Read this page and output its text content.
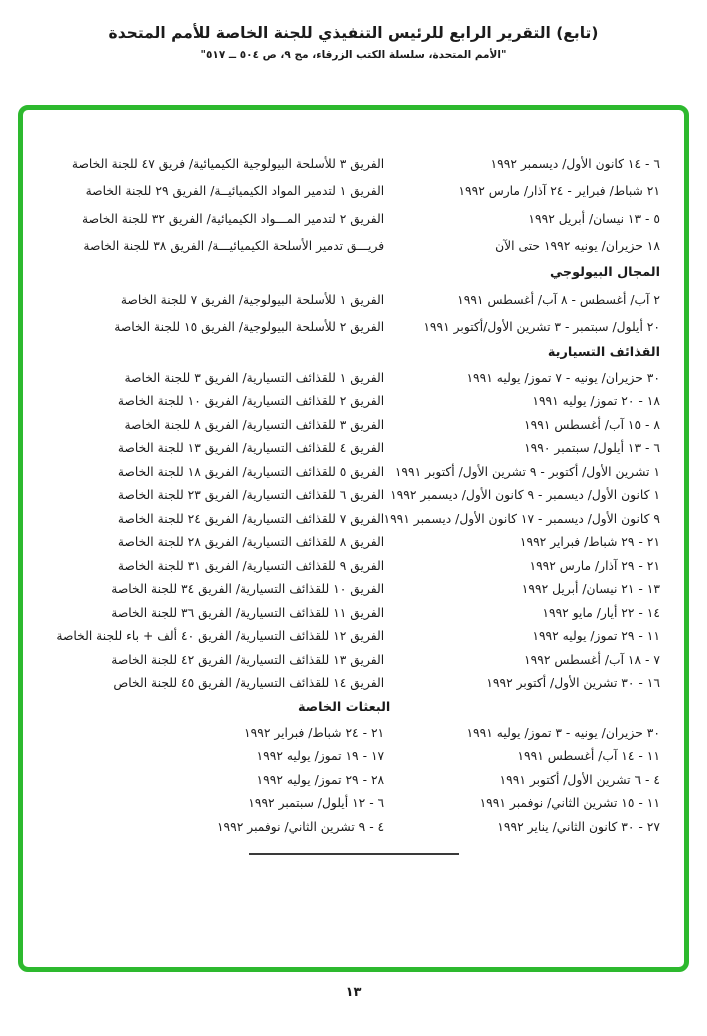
(تابع) التقرير الرابع للرئيس التنفيذي للجنة الخاصة للأمم المتحدة
"الأمم المتحدة، سلسلة الكتب الزرقاء، مج ٩، ص ٥٠٤ ــ ٥١٧"
٦ - ١٤ كانون الأول/ ديسمبر ١٩٩٢
الفريق ٣ للأسلحة البيولوجية الكيميائية/ فريق ٤٧ للجنة الخاصة
٢١ شباط/ فبراير - ٢٤ آذار/ مارس ١٩٩٢
الفريق ١ لتدمير المواد الكيميائيــة/ الفريق ٢٩ للجنة الخاصة
٥ - ١٣ نيسان/ أبريل ١٩٩٢
الفريق ٢ لتدمير المـــواد الكيميائية/ الفريق ٣٢ للجنة الخاصة
١٨ حزيران/ يونيه ١٩٩٢ حتى الآن
فريـــق تدمير الأسلحة الكيميائيـــة/ الفريق ٣٨ للجنة الخاصة
المجال البيولوجي
٢ آب/ أغسطس - ٨ آب/ أغسطس ١٩٩١
الفريق ١ للأسلحة البيولوجية/ الفريق ٧ للجنة الخاصة
٢٠ أيلول/ سبتمبر - ٣ تشرين الأول/أكتوبر ١٩٩١
الفريق ٢ للأسلحة البيولوجية/ الفريق ١٥ للجنة الخاصة
القذائف التسيارية
٣٠ حزيران/ يونيه - ٧ تموز/ يوليه ١٩٩١
الفريق ١ للقذائف التسيارية/ الفريق ٣ للجنة الخاصة
١٨ - ٢٠ تموز/ يوليه ١٩٩١
الفريق ٢ للقذائف التسيارية/ الفريق ١٠ للجنة الخاصة
٨ - ١٥ آب/ أغسطس ١٩٩١
الفريق ٣ للقذائف التسيارية/ الفريق ٨ للجنة الخاصة
٦ - ١٣ أيلول/ سبتمبر ١٩٩٠
الفريق ٤ للقذائف التسيارية/ الفريق ١٣ للجنة الخاصة
١ تشرين الأول/ أكتوبر - ٩ تشرين الأول/ أكتوبر ١٩٩١
الفريق ٥ للقذائف التسيارية/ الفريق ١٨ للجنة الخاصة
١ كانون الأول/ ديسمبر - ٩ كانون الأول/ ديسمبر ١٩٩٢
الفريق ٦ للقذائف التسيارية/ الفريق ٢٣ للجنة الخاصة
٩ كانون الأول/ ديسمبر - ١٧ كانون الأول/ ديسمبر ١٩٩١
الفريق ٧ للقذائف التسيارية/ الفريق ٢٤ للجنة الخاصة
٢١ - ٢٩ شباط/ فبراير ١٩٩٢
الفريق ٨ للقذائف التسيارية/ الفريق ٢٨ للجنة الخاصة
٢١ - ٢٩ آذار/ مارس ١٩٩٢
الفريق ٩ للقذائف التسيارية/ الفريق ٣١ للجنة الخاصة
١٣ - ٢١ نيسان/ أبريل ١٩٩٢
الفريق ١٠ للقذائف التسيارية/ الفريق ٣٤ للجنة الخاصة
١٤ - ٢٢ أيار/ مايو ١٩٩٢
الفريق ١١ للقذائف التسيارية/ الفريق ٣٦ للجنة الخاصة
١١ - ٢٩ تموز/ يوليه ١٩٩٢
الفريق ١٢ للقذائف التسيارية/ الفريق ٤٠ ألف + باء للجنة الخاصة
٧ - ١٨ آب/ أغسطس ١٩٩٢
الفريق ١٣ للقذائف التسيارية/ الفريق ٤٢ للجنة الخاصة
١٦ - ٣٠ تشرين الأول/ أكتوبر ١٩٩٢
الفريق ١٤ للقذائف التسيارية/ الفريق ٤٥ للجنة الخاص
البعثات الخاصة
٣٠ حزيران/ يونيه - ٣ تموز/ يوليه ١٩٩١
٢١ - ٢٤ شباط/ فبراير ١٩٩٢
١١ - ١٤ آب/ أغسطس ١٩٩١
١٧ - ١٩ تموز/ يوليه ١٩٩٢
٤ - ٦ تشرين الأول/ أكتوبر ١٩٩١
٢٨ - ٢٩ تموز/ يوليه ١٩٩٢
١١ - ١٥ تشرين الثاني/ نوفمبر ١٩٩١
٦ - ١٢ أيلول/ سبتمبر ١٩٩٢
٢٧ - ٣٠ كانون الثاني/ يناير ١٩٩٢
٤ - ٩ تشرين الثاني/ نوفمبر ١٩٩٢
١٣
